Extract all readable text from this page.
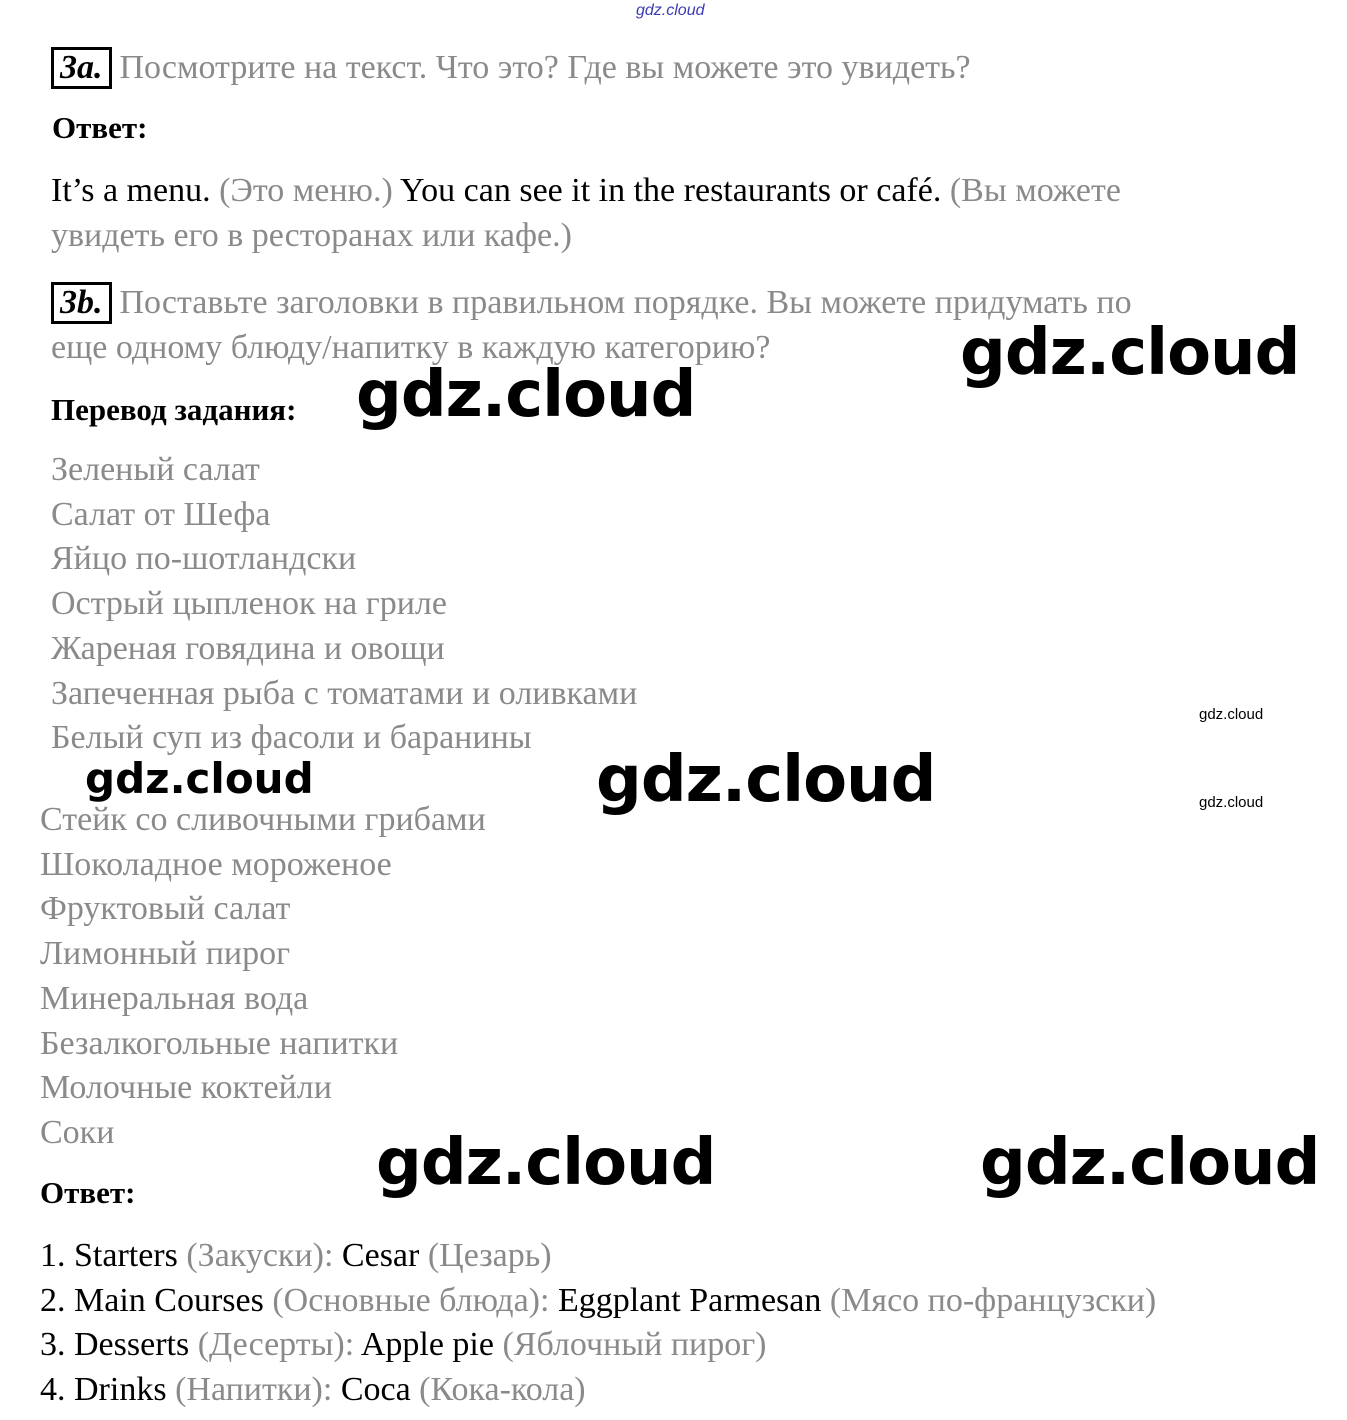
gdz.cloud
3a. Посмотрите на текст. Что это? Где вы можете это увидеть?
Ответ:
It’s a menu. (Это меню.) You can see it in the restaurants or café. (Вы можете
увидеть его в ресторанах или кафе.)
3b. Поставьте заголовки в правильном порядке. Вы можете придумать по
еще одному блюду/напитку в каждую категорию?	gdz.cloud
Перевод задания: gdz.cloud
Зеленый салат
Салат от Шефа
Яйцо по-шотландски
Острый цыпленок на гриле
Жареная говядина и овощи
Запеченная рыба с томатами и оливками
Белый суп из фасоли и баранины
gdz.cloud
gdz.cloud	gdz.cloud	gdz.cloud
Стейк со сливочными грибами
Шоколадное мороженое
Фруктовый салат
Лимонный пирог
Минеральная вода
Безалкогольные напитки
Молочные коктейли
Соки	gdz.cloud	gdz.cloud
Ответ:
1. Starters (Закуски): Cesar (Цезарь)
2. Main Courses (Основные блюда): Eggplant Parmesan (Мясо по-французски)
3. Desserts (Десерты): Apple pie (Яблочный пирог)
4. Drinks (Напитки): Coca (Кока-кола)
